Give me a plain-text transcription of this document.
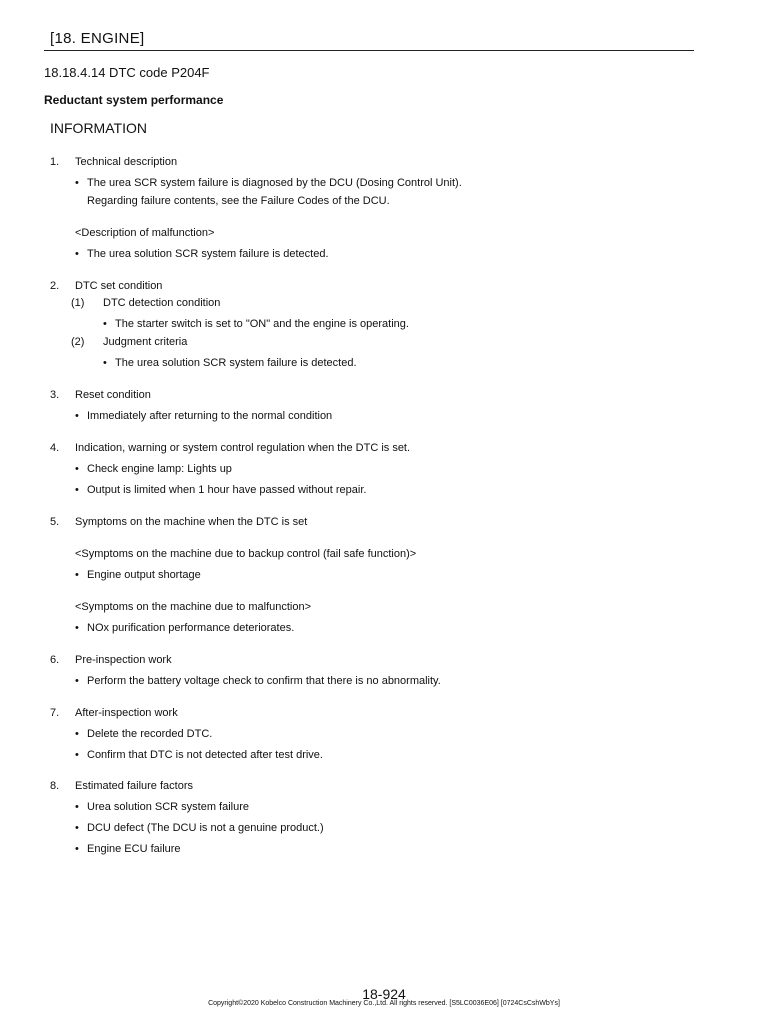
[18. ENGINE]
18.18.4.14 DTC code P204F
Reductant system performance
INFORMATION
1. Technical description
• The urea SCR system failure is diagnosed by the DCU (Dosing Control Unit).
Regarding failure contents, see the Failure Codes of the DCU.
<Description of malfunction>
• The urea solution SCR system failure is detected.
2. DTC set condition
(1) DTC detection condition
• The starter switch is set to "ON" and the engine is operating.
(2) Judgment criteria
• The urea solution SCR system failure is detected.
3. Reset condition
• Immediately after returning to the normal condition
4. Indication, warning or system control regulation when the DTC is set.
• Check engine lamp: Lights up
• Output is limited when 1 hour have passed without repair.
5. Symptoms on the machine when the DTC is set
<Symptoms on the machine due to backup control (fail safe function)>
• Engine output shortage
<Symptoms on the machine due to malfunction>
• NOx purification performance deteriorates.
6. Pre-inspection work
• Perform the battery voltage check to confirm that there is no abnormality.
7. After-inspection work
• Delete the recorded DTC.
• Confirm that DTC is not detected after test drive.
8. Estimated failure factors
• Urea solution SCR system failure
• DCU defect (The DCU is not a genuine product.)
• Engine ECU failure
18-924
Copyright©2020 Kobelco Construction Machinery Co.,Ltd. All rights reserved. [S5LC0036E06] [0724CsCshWbYs]
